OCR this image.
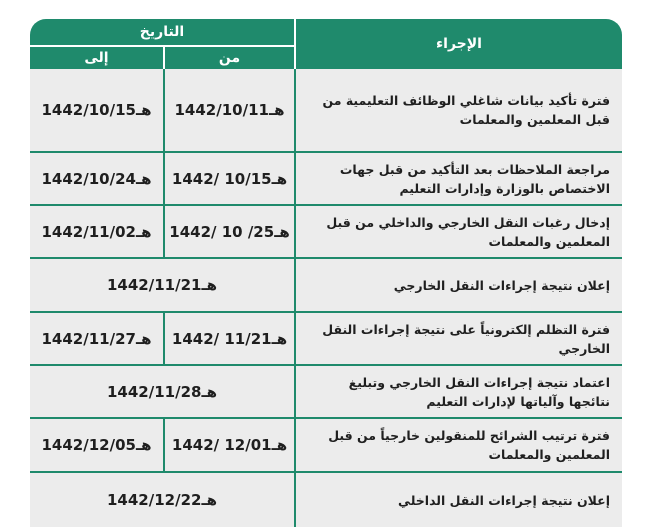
التاريخ
الإجراء
من
إلى
فترة تأكيد بيانات شاغلي الوظائف التعليمية من قبل المعلمين والمعلمات
1442/10/11هـ
1442/10/15هـ
مراجعة الملاحظات بعد التأكيد من قبل جهات الاختصاص بالوزارة وإدارات التعليم
1442/ 10/15هـ
1442/10/24هـ
إدخال رغبات النقل الخارجي والداخلي من قبل المعلمين والمعلمات
1442/ 10 /25هـ
1442/11/02هـ
إعلان نتيجة إجراءات النقل الخارجي
1442/11/21هـ
فترة التظلم إلكترونياً على نتيجة إجراءات النقل الخارجي
1442/ 11/21هـ
1442/11/27هـ
اعتماد نتيجة إجراءات النقل الخارجي وتبليغ نتائجها وآلياتها لإدارات التعليم
1442/11/28هـ
فترة ترتيب الشرائح للمنقولين خارجياً من قبل المعلمين والمعلمات
1442/ 12/01هـ
1442/12/05هـ
إعلان نتيجة إجراءات النقل الداخلي
1442/12/22هـ
